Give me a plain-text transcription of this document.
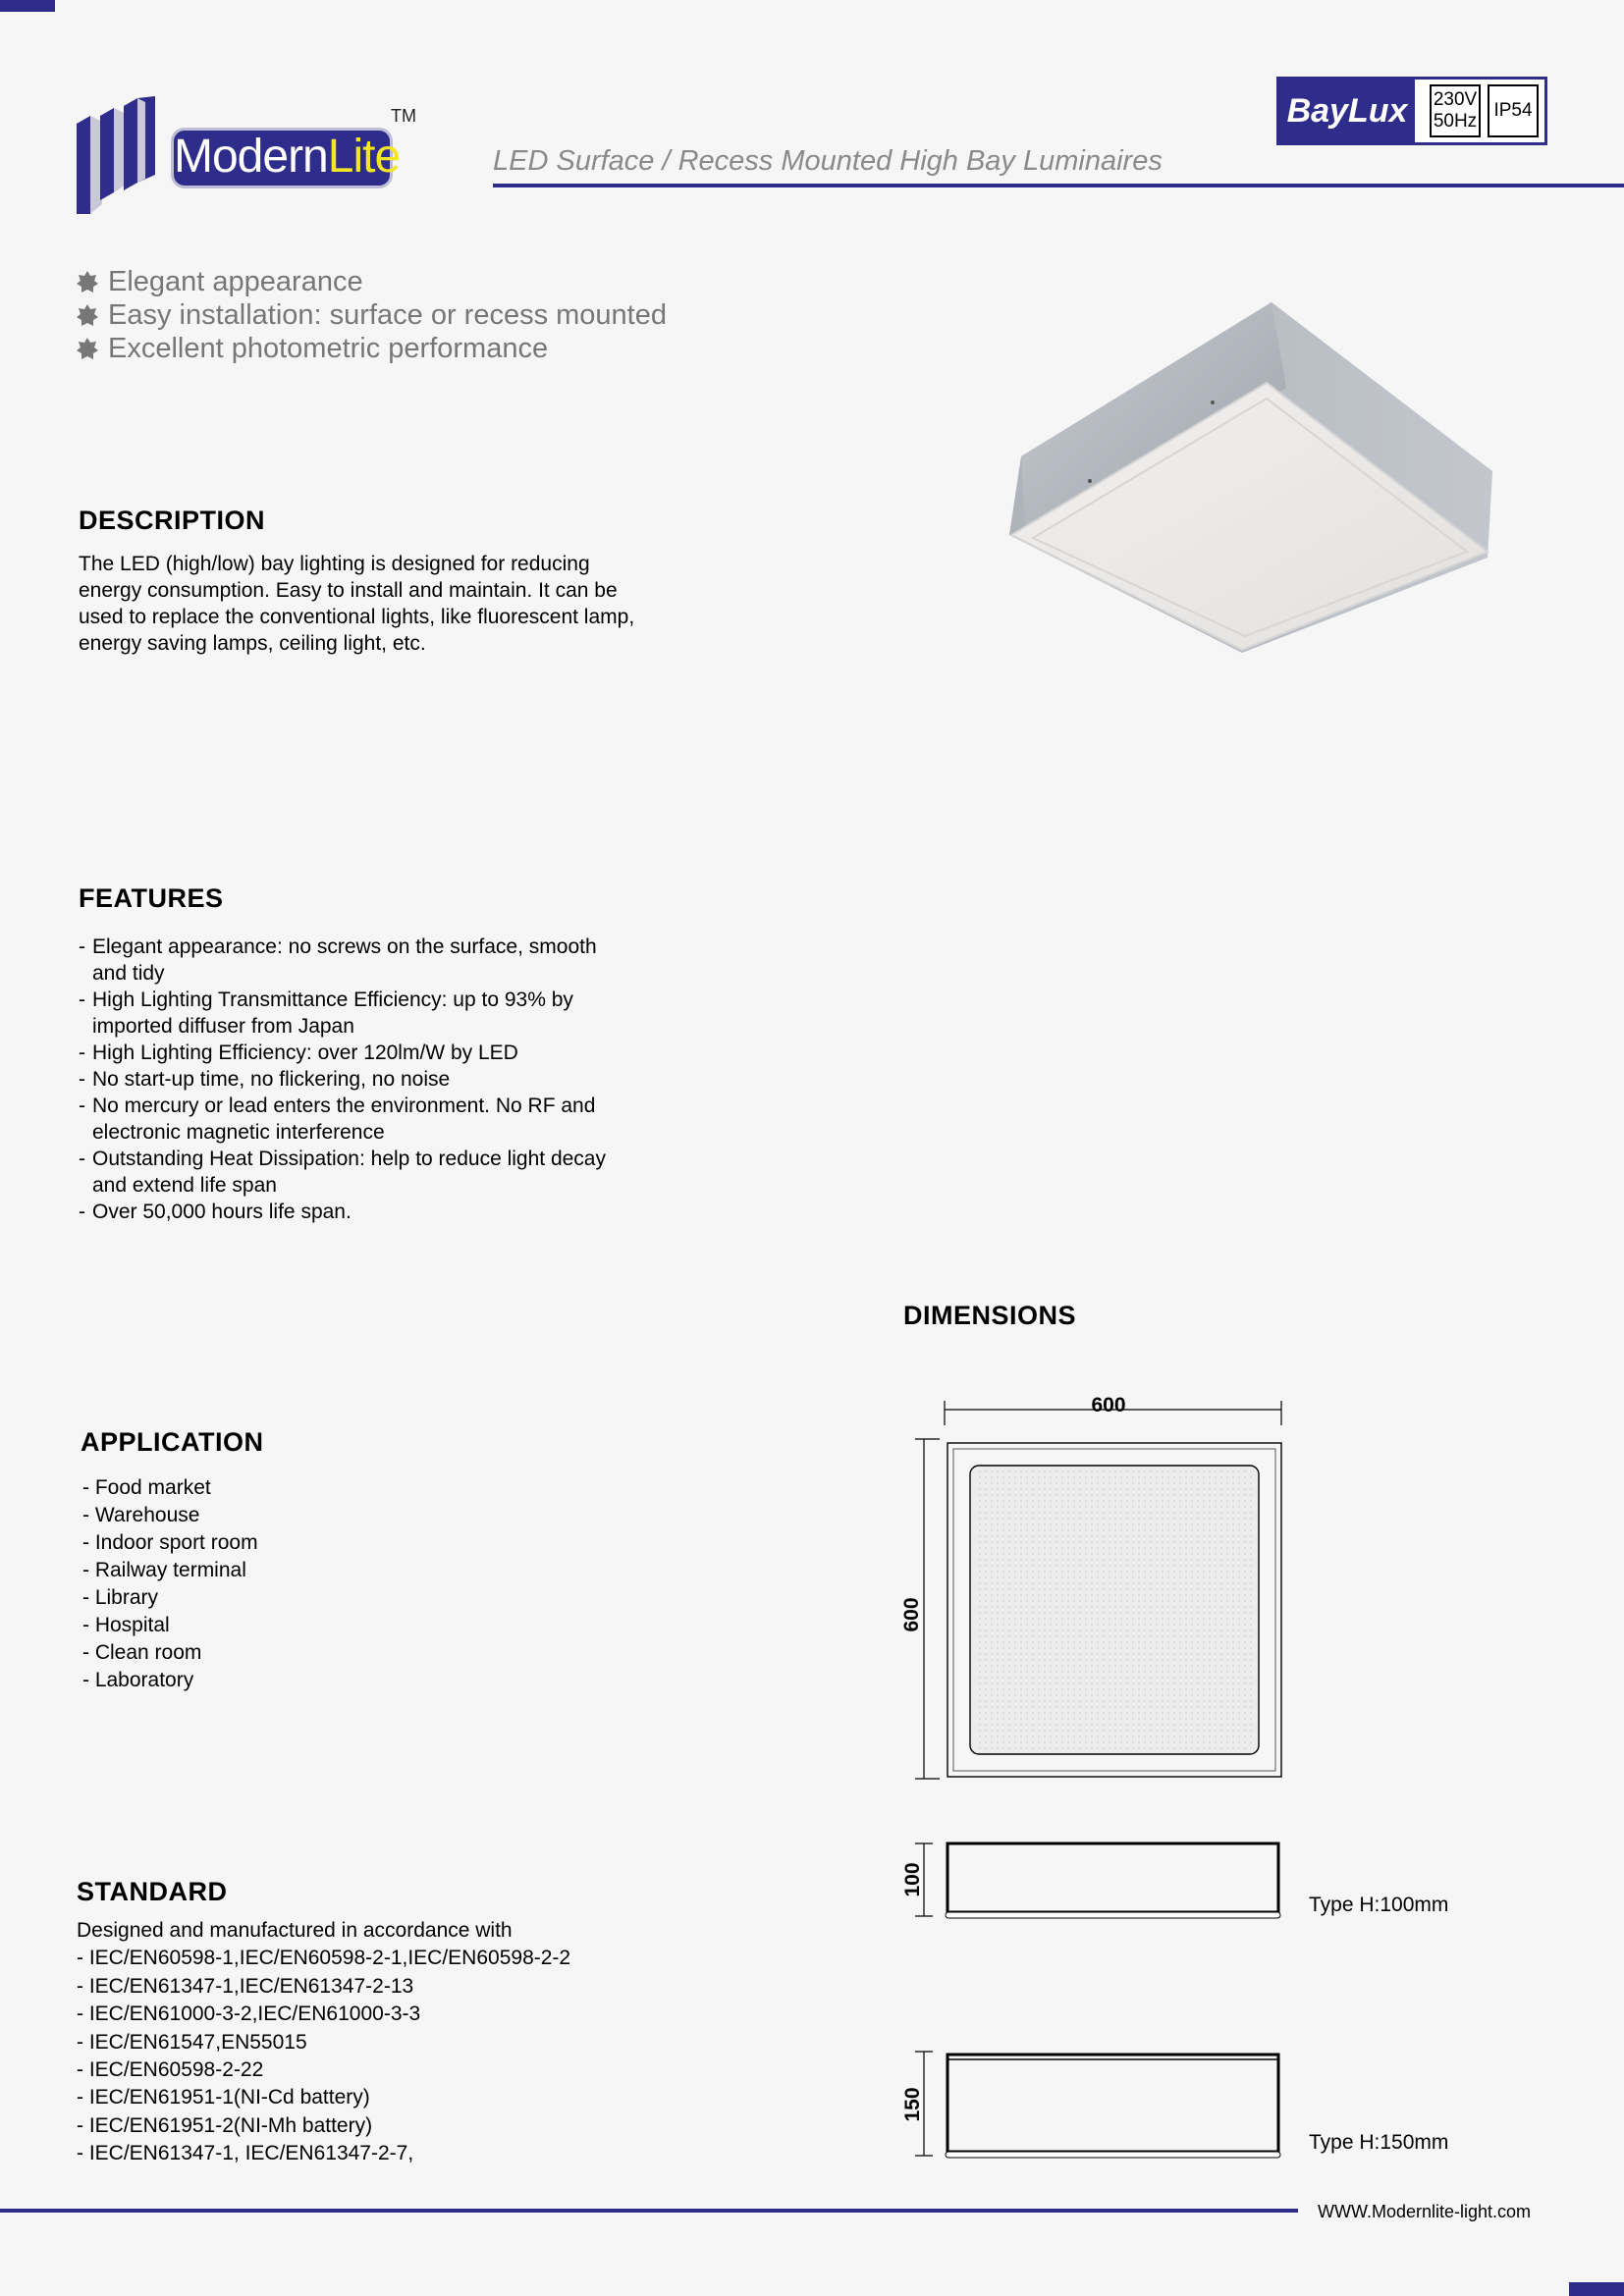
ModernLite
TM	BayLux	230V
50Hz
IP54
LED Surface / Recess Mounted High Bay Luminaires
Elegant appearance
Easy installation: surface or recess mounted
Excellent photometric performance
DESCRIPTION
The LED (high/low) bay lighting is designed for reducing
energy consumption. Easy to install and maintain. It can be
used to replace the conventional lights, like fluorescent lamp,
energy saving lamps, ceiling light, etc.
FEATURES
- Elegant appearance: no screws on the surface, smooth
and tidy
- High Lighting Transmittance Efficiency: up to 93% by
imported diffuser from Japan
- High Lighting Efficiency: over 120lm/W by LED
- No start-up time, no flickering, no noise
- No mercury or lead enters the environment. No RF and
electronic magnetic interference
- Outstanding Heat Dissipation: help to reduce light decay
and extend life span
- Over 50,000 hours life span.
APPLICATION
- Food market
- Warehouse
- Indoor sport room
- Railway terminal
- Library
- Hospital
- Clean room
- Laboratory
STANDARD
Designed and manufactured in accordance with
- IEC/EN60598-1,IEC/EN60598-2-1,IEC/EN60598-2-2
- IEC/EN61347-1,IEC/EN61347-2-13
- IEC/EN61000-3-2,IEC/EN61000-3-3
- IEC/EN61547,EN55015
- IEC/EN60598-2-22
- IEC/EN61951-1(NI-Cd battery)
- IEC/EN61951-2(NI-Mh battery)
- IEC/EN61347-1, IEC/EN61347-2-7,
DIMENSIONS
600
600
100
150
Type H:100mm
Type H:150mm
WWW.Modernlite-light.com
